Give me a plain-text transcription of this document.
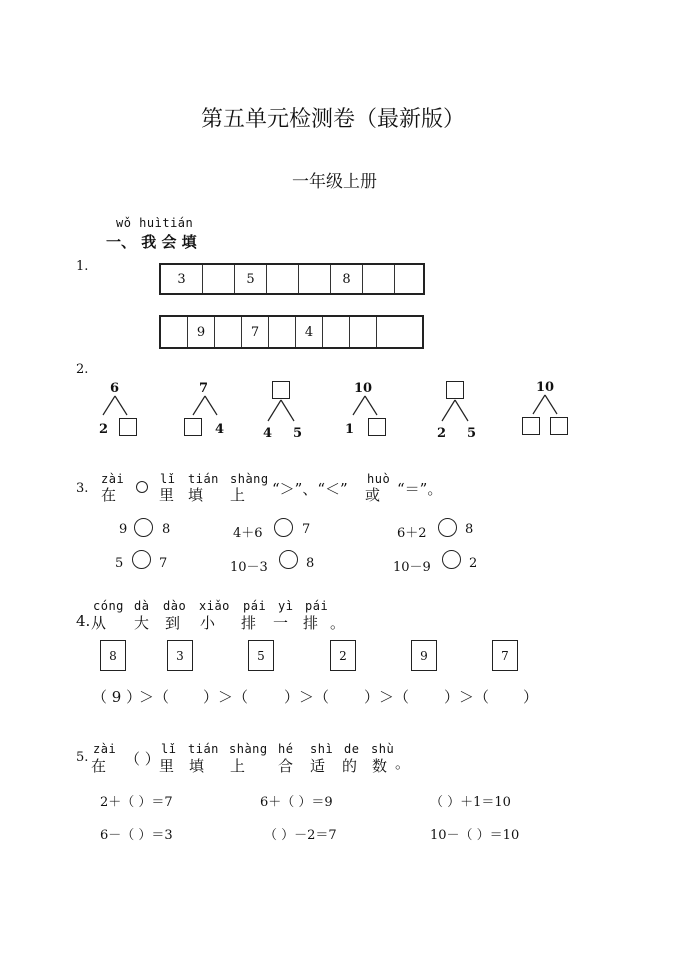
第五单元检测卷（最新版）
一年级上册
wǒ huìtián
一、 我 会 填
1.
3	5	8
9	7	4
2.
6
2
7
4	4 5
10
1	2 5
10
3.
zài
在
lǐ
里
tián
填
shàng
上 “＞”、“＜”
huò
或 “＝”。
9	8	4＋6	7	6＋2	8
5	7	10－3	8	10－9	2
cóng dà dào xiǎo pái yì pái
4. 从 大 到 小 排 一 排 。
8	3	5	2	9	7
（ 9 ）
＞（ ）＞（ ）＞（ ）＞（ ）＞（ ）
zài	lǐ tián shàng hé shì de shù
5. 在 （ ） 里 填 上 合 适 的 数 。
2＋（ ）＝7	6＋（ ）＝9	（ ）＋1＝10
6－（ ）＝3	（ ）－2＝7	10－（ ）＝10
